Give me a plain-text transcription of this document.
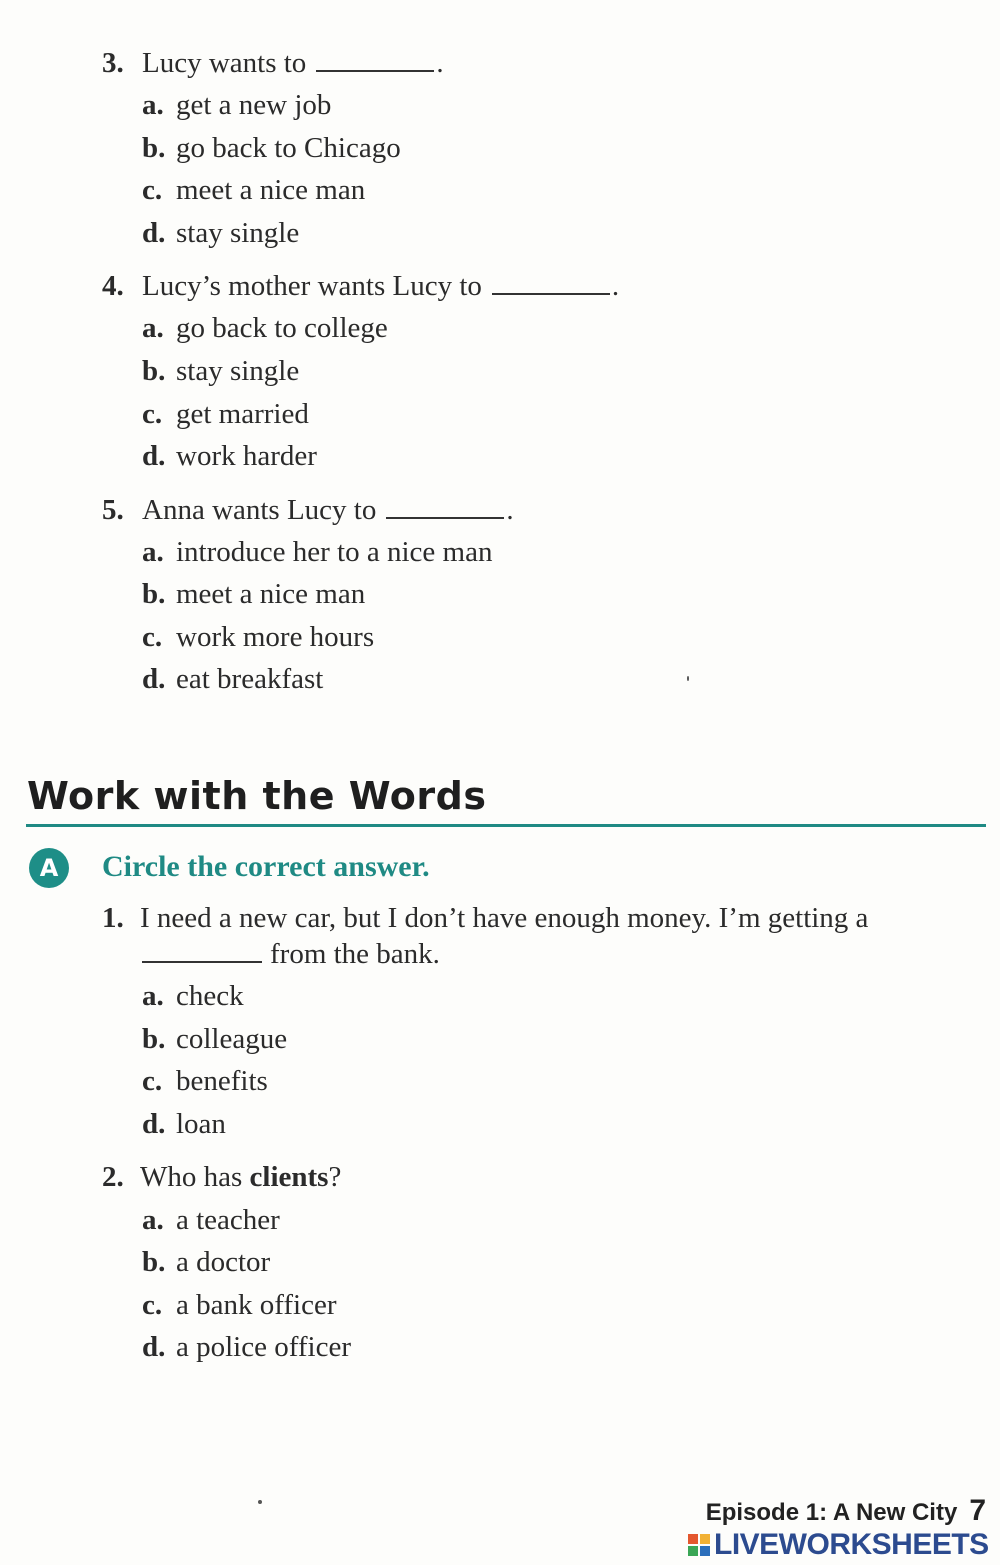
3. Lucy wants to	.
a. get a new job
b. go back to Chicago
c. meet a nice man
d. stay single
4. Lucy’s mother wants Lucy to	.
a. go back to college
b. stay single
c. get married
d. work harder
5. Anna wants Lucy to	.
a. introduce her to a nice man
b. meet a nice man
c. work more hours
d. eat breakfast
Work with the Words
A	Circle the correct answer.
1. I need a new car, but I don’t have enough money. I’m getting a
from the bank.
a. check
b. colleague
c. benefits
d. loan
2. Who has clients?
a. a teacher
b. a doctor
c. a bank officer
d. a police officer
Episode 1: A New City 7
LIVEWORKSHEETS
